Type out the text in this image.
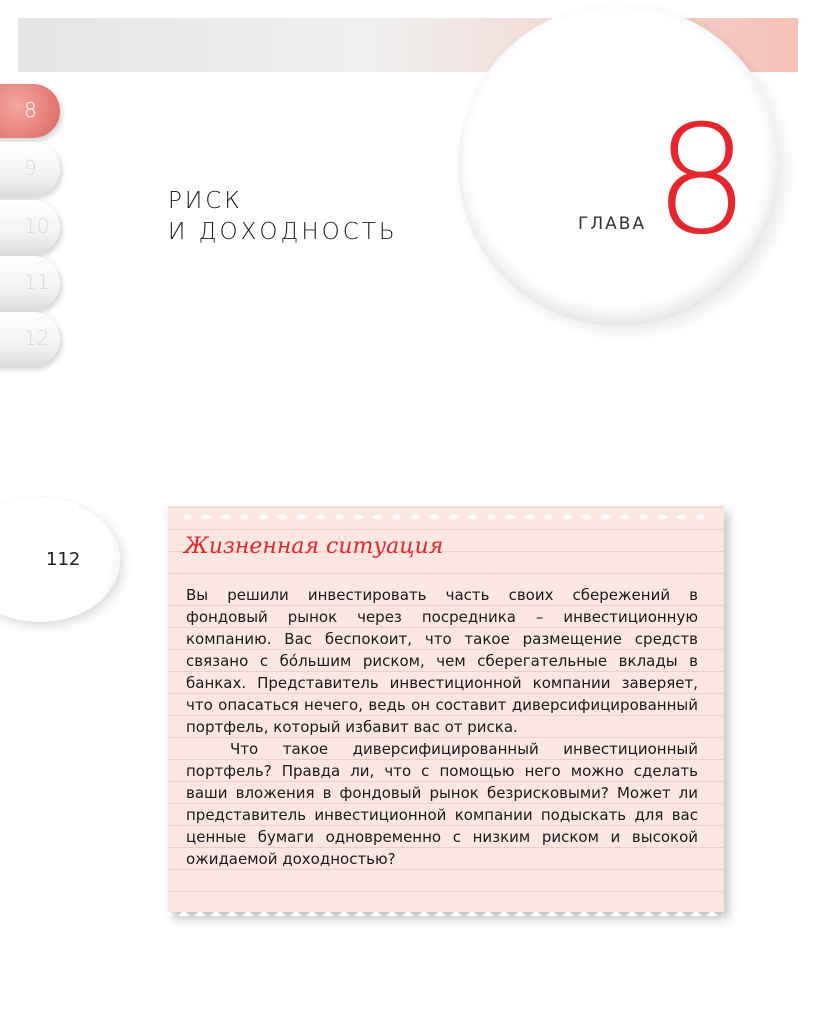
ГЛАВА 8
8
9
10
11
12
РИСК
И ДОХОДНОСТЬ
112
Жизненная ситуация

Вы решили инвестировать часть своих сбережений в фондовый рынок через посредника – инвестиционную компанию. Вас беспокоит, что такое размещение средств связано с бóльшим риском, чем сберегательные вклады в банках. Представитель инвестиционной компании заверяет, что опасаться нечего, ведь он составит диверсифицированный портфель, который избавит вас от риска.

Что такое диверсифицированный инвестиционный портфель? Правда ли, что с помощью него можно сделать ваши вложения в фондовый рынок безрисковыми? Может ли представитель инвестиционной компании подыскать для вас ценные бумаги одновременно с низким риском и высокой ожидаемой доходностью?
